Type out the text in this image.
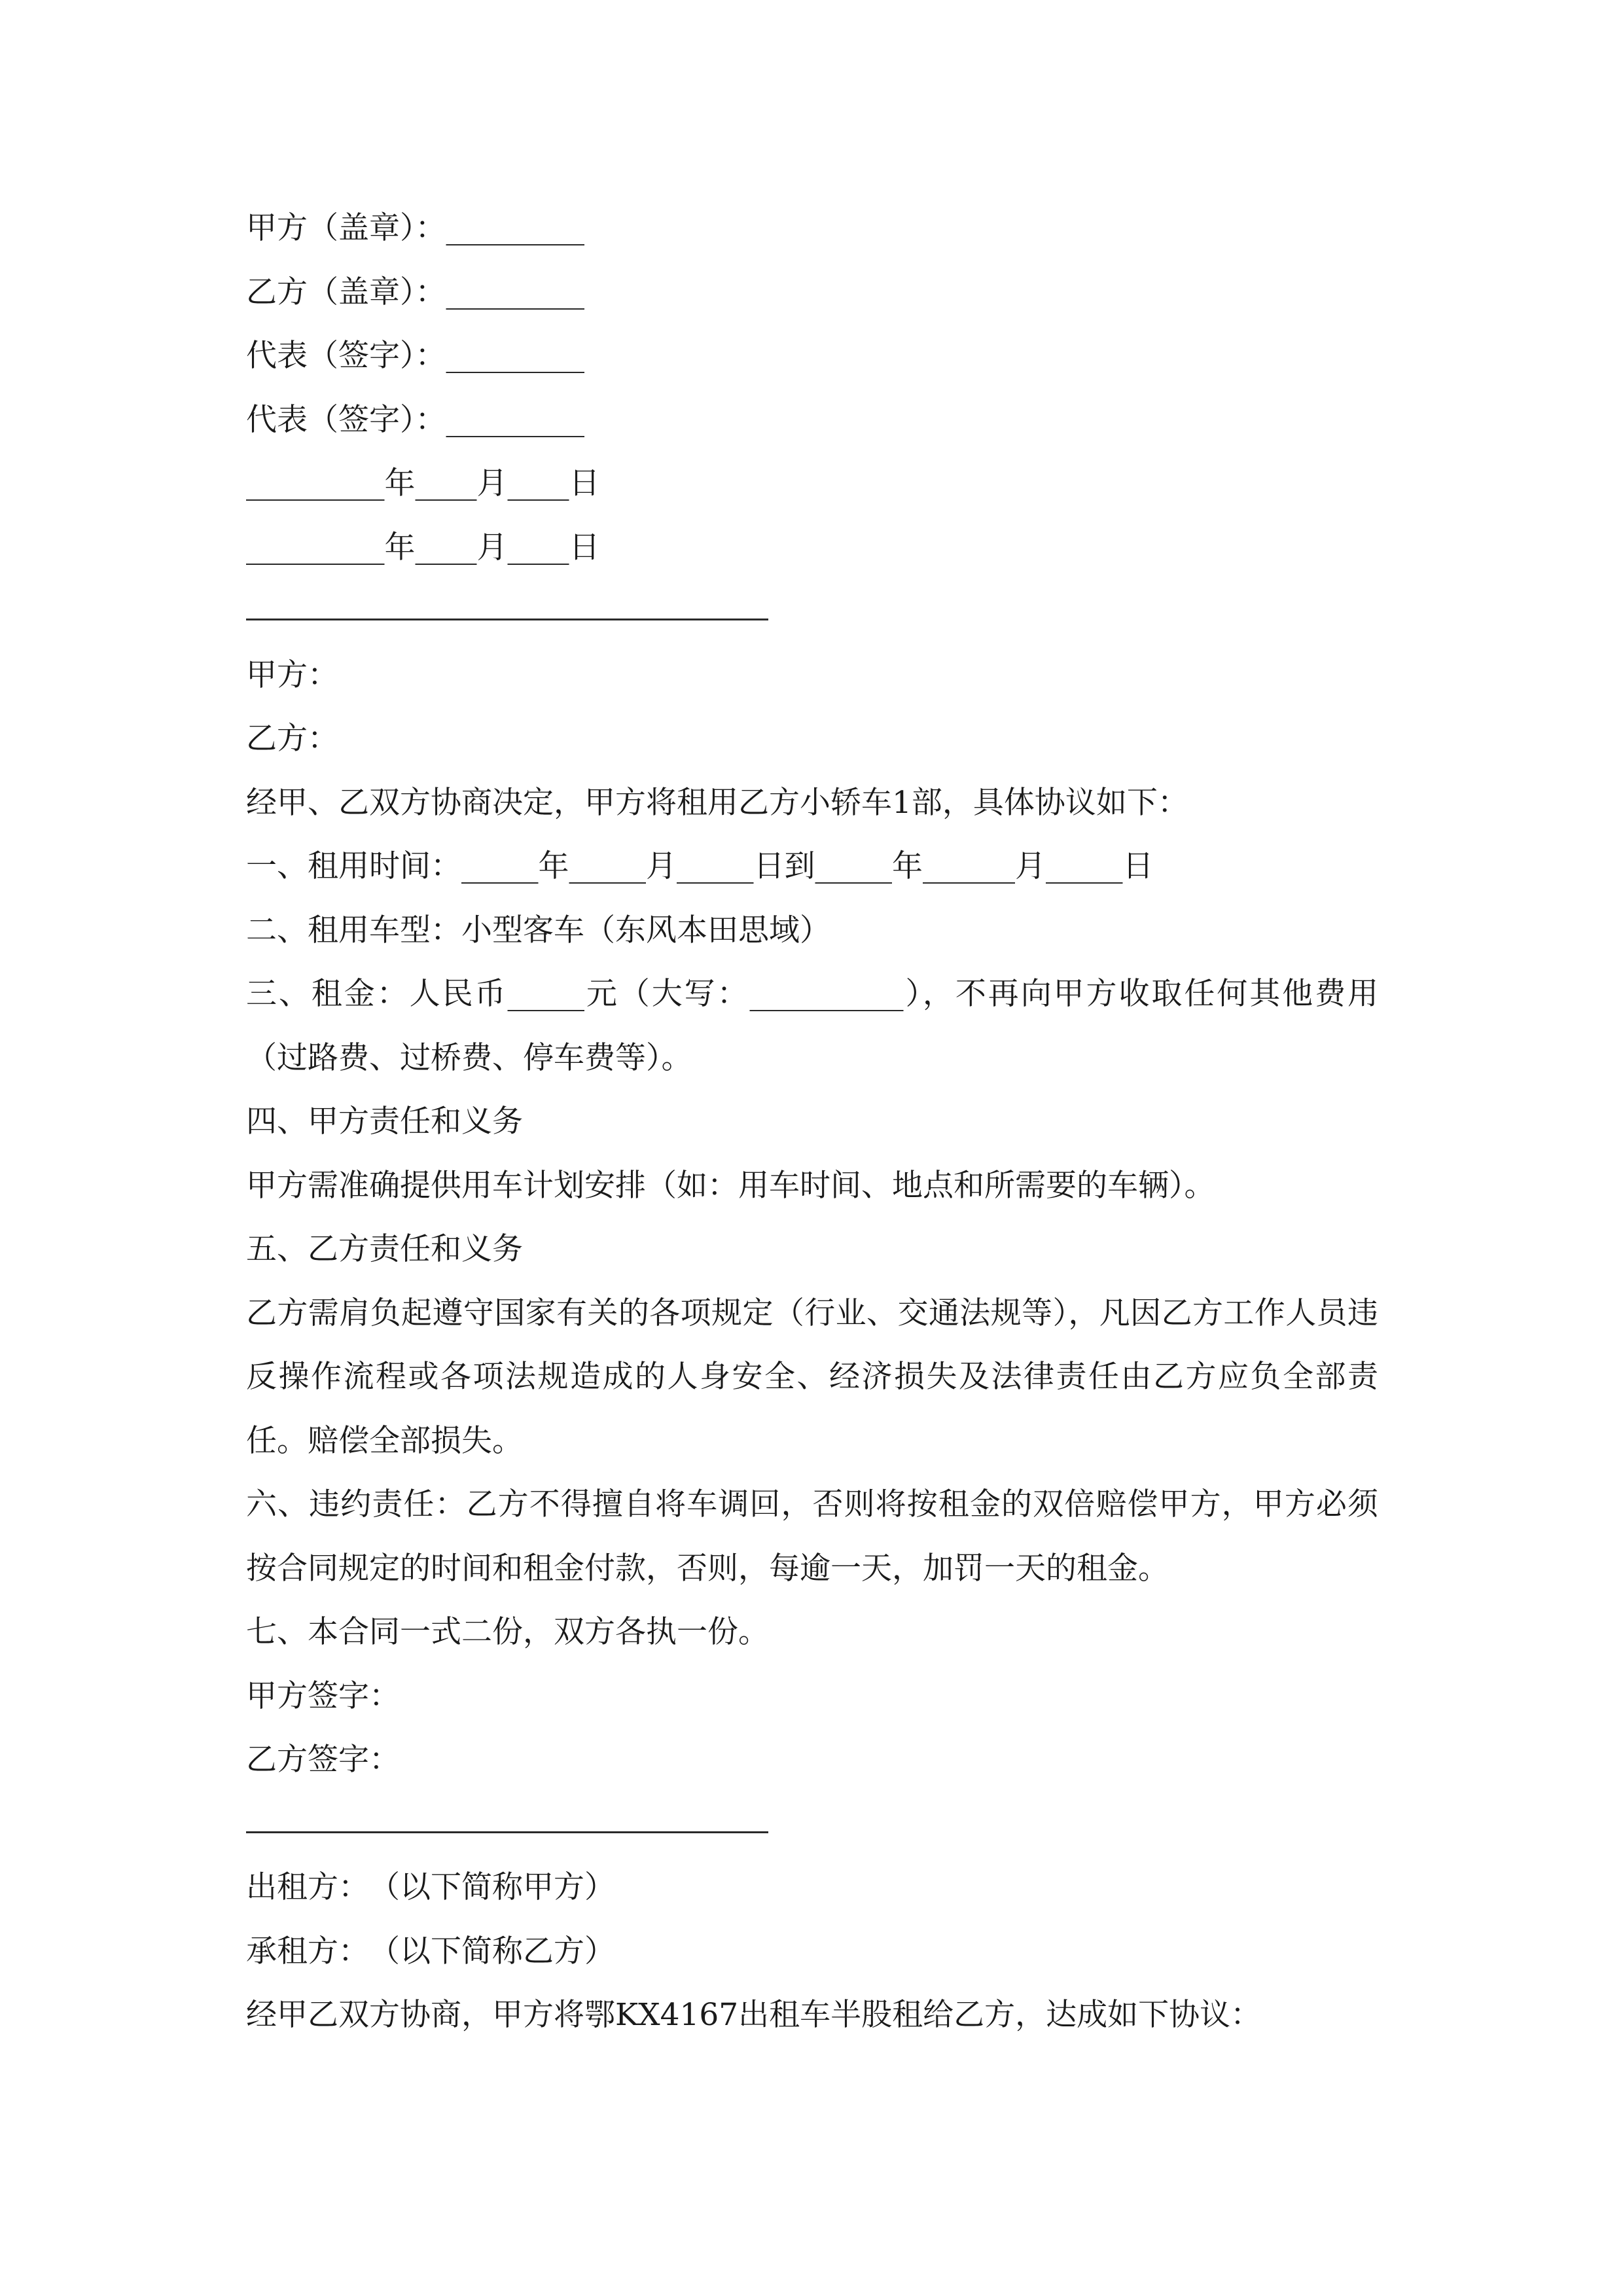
甲方（盖章）：_________
乙方（盖章）：_________
代表（签字）：_________
代表（签字）：_________
_________年____月____日
_________年____月____日
甲方：
乙方：
经甲、乙双方协商决定，甲方将租用乙方小轿车1部，具体协议如下：
一、租用时间：_____年_____月_____日到_____年______月_____日
二、租用车型：小型客车（东风本田思域）
三、租金：人民币_____元（大写：__________），不再向甲方收取任何其他费用（过路费、过桥费、停车费等）。
四、甲方责任和义务
甲方需准确提供用车计划安排（如：用车时间、地点和所需要的车辆）。
五、乙方责任和义务
乙方需肩负起遵守国家有关的各项规定（行业、交通法规等），凡因乙方工作人员违反操作流程或各项法规造成的人身安全、经济损失及法律责任由乙方应负全部责任。赔偿全部损失。
六、违约责任：乙方不得擅自将车调回，否则将按租金的双倍赔偿甲方，甲方必须按合同规定的时间和租金付款，否则，每逾一天，加罚一天的租金。
七、本合同一式二份，双方各执一份。
甲方签字：
乙方签字：
出租方：　（以下简称甲方）
承租方：　（以下简称乙方）
经甲乙双方协商，甲方将鄂KX4167出租车半股租给乙方，达成如下协议：
